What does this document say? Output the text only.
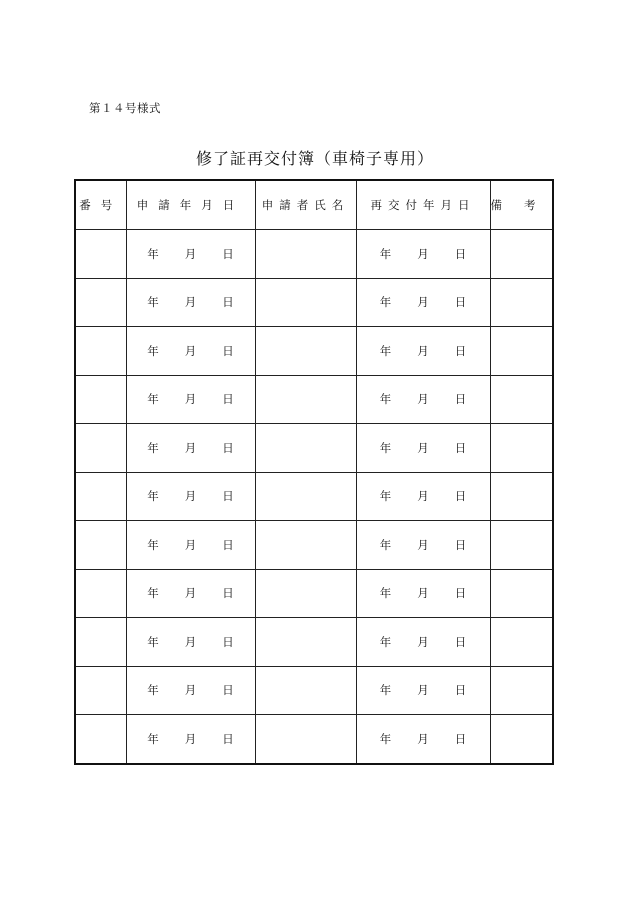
第１４号様式
修了証再交付簿（車椅子専用）
番号	申請年月日	申請者氏名	再交付年月日	備考

	年 月 日		年 月 日	

	年 月 日		年 月 日	

	年 月 日		年 月 日	

	年 月 日		年 月 日	

	年 月 日		年 月 日	

	年 月 日		年 月 日	

	年 月 日		年 月 日	

	年 月 日		年 月 日	

	年 月 日		年 月 日	

	年 月 日		年 月 日	

	年 月 日		年 月 日	
